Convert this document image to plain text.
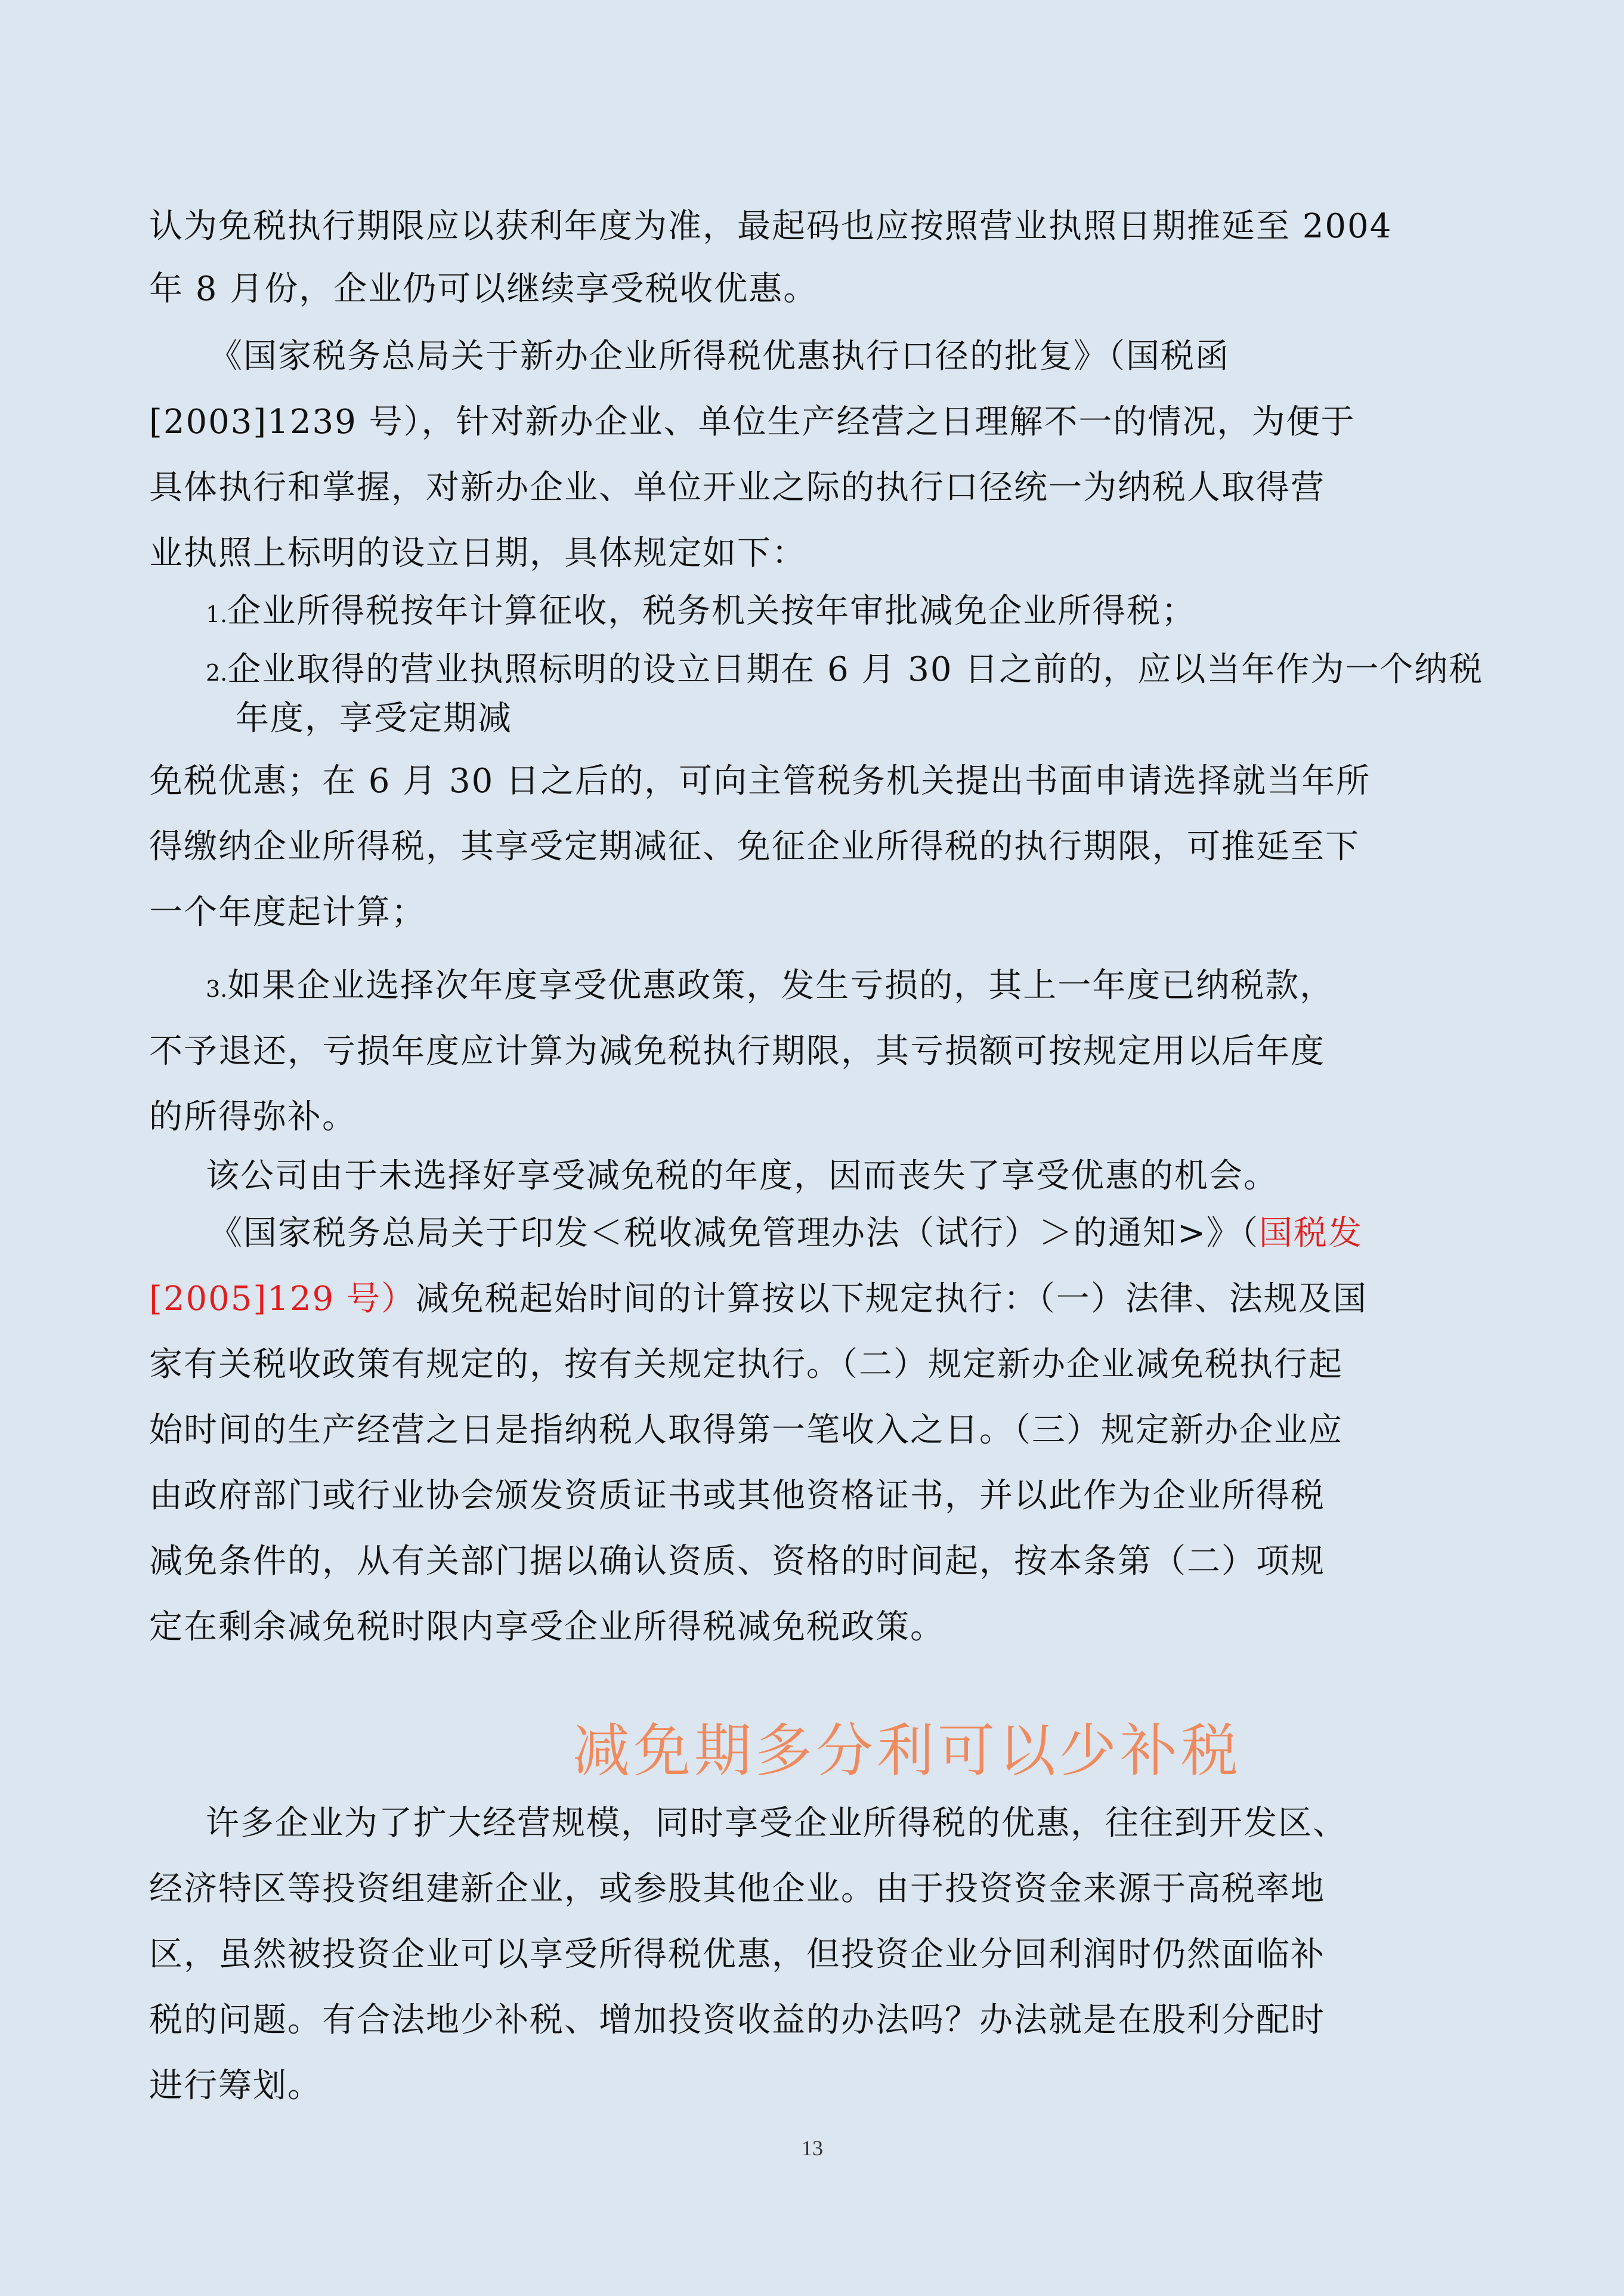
认为免税执行期限应以获利年度为准，最起码也应按照营业执照日期推延至 2004
年 8 月份，企业仍可以继续享受税收优惠。
《国家税务总局关于新办企业所得税优惠执行口径的批复》（国税函
[2003]1239 号），针对新办企业、单位生产经营之日理解不一的情况，为便于
具体执行和掌握，对新办企业、单位开业之际的执行口径统一为纳税人取得营
业执照上标明的设立日期，具体规定如下：
1.企业所得税按年计算征收，税务机关按年审批减免企业所得税；
2.企业取得的营业执照标明的设立日期在 6 月 30 日之前的，应以当年作为一个纳税
年度，享受定期减
免税优惠；在 6 月 30 日之后的，可向主管税务机关提出书面申请选择就当年所
得缴纳企业所得税，其享受定期减征、免征企业所得税的执行期限，可推延至下
一个年度起计算；
3.如果企业选择次年度享受优惠政策，发生亏损的，其上一年度已纳税款，
不予退还，亏损年度应计算为减免税执行期限，其亏损额可按规定用以后年度
的所得弥补。
该公司由于未选择好享受减免税的年度，因而丧失了享受优惠的机会。
《国家税务总局关于印发＜税收减免管理办法（试行）＞的通知>》（国税发
[2005]129 号）减免税起始时间的计算按以下规定执行：（一）法律、法规及国
家有关税收政策有规定的，按有关规定执行。（二）规定新办企业减免税执行起
始时间的生产经营之日是指纳税人取得第一笔收入之日。（三）规定新办企业应
由政府部门或行业协会颁发资质证书或其他资格证书，并以此作为企业所得税
减免条件的，从有关部门据以确认资质、资格的时间起，按本条第（二）项规
定在剩余减免税时限内享受企业所得税减免税政策。
减免期多分利可以少补税
许多企业为了扩大经营规模，同时享受企业所得税的优惠，往往到开发区、
经济特区等投资组建新企业，或参股其他企业。由于投资资金来源于高税率地
区，虽然被投资企业可以享受所得税优惠，但投资企业分回利润时仍然面临补
税的问题。有合法地少补税、增加投资收益的办法吗？办法就是在股利分配时
进行筹划。
13
